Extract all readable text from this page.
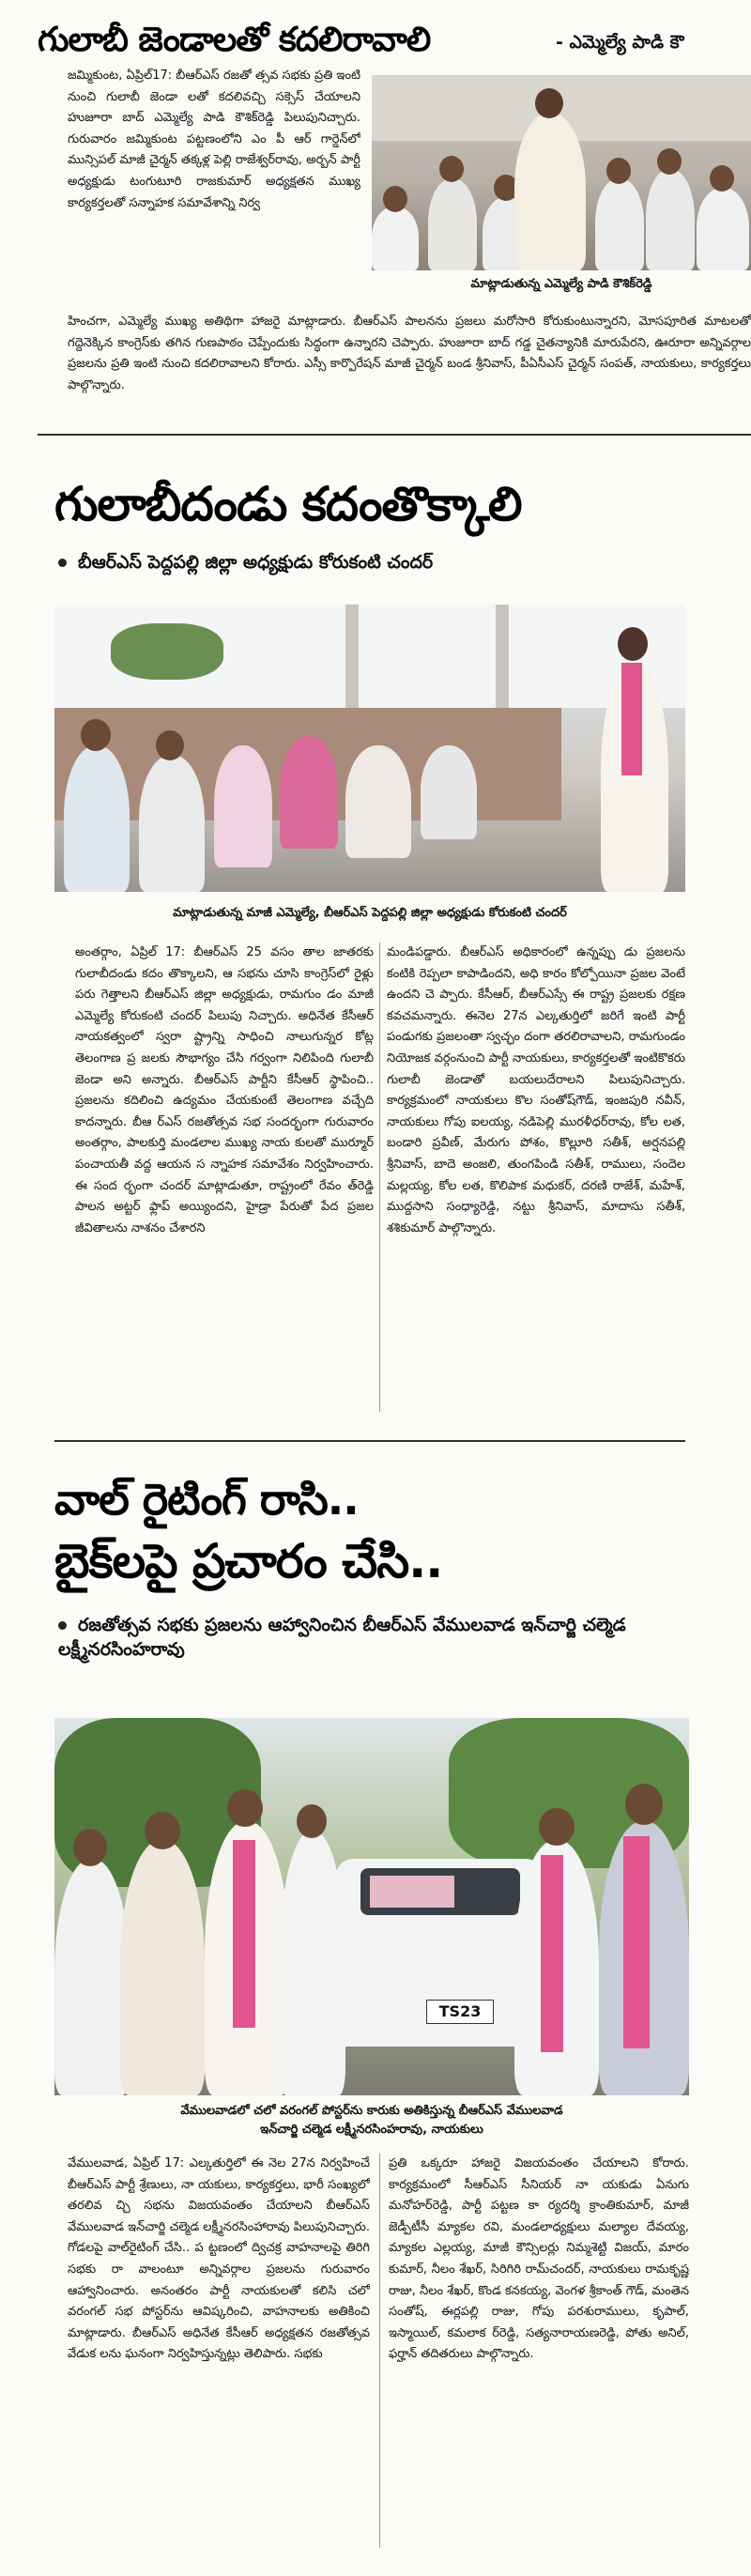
గులాబీ జెండాలతో కదలిరావాలి	- ఎమ్మెల్యే పాడి కౌ
జమ్మికుంట, ఏప్రిల్17: బీఆర్‌ఎస్ రజతో త్సవ సభకు ప్రతి ఇంటి నుంచి గులాబీ జెండా లతో కదలివచ్చి సక్సెస్ చేయాలని హుజూరా బాద్ ఎమ్మెల్యే పాడి కౌశిక్‌రెడ్డి పిలుపునిచ్చారు. గురువారం జమ్మికుంట పట్టణంలోని ఎం పీ ఆర్ గార్డెన్‌లో మున్సిపల్ మాజీ చైర్మన్ తక్కళ్ల పెల్లి రాజేశ్వర్‌రావు, అర్బన్ పార్టీ అధ్యక్షుడు టంగుటూరి రాజకుమార్ అధ్యక్షతన ముఖ్య కార్యకర్తలతో సన్నాహక సమావేశాన్ని నిర్వ
మాట్లాడుతున్న ఎమ్మెల్యే పాడి కౌశిక్‌రెడ్డి
హించగా, ఎమ్మెల్యే ముఖ్య అతిథిగా హాజరై మాట్లాడారు. బీఆర్‌ఎస్ పాలనను ప్రజలు మరోసారి కోరుకుంటున్నారని, మోసపూరిత మాటలతో గద్దెనెక్కిన కాంగ్రెస్‌కు తగిన గుణపాఠం చెప్పేందుకు సిద్ధంగా ఉన్నారని చెప్పారు. హుజూరా బాద్ గడ్డ చైతన్యానికి మారుపేరని, ఊరూరా అన్నివర్గాల ప్రజలను ప్రతి ఇంటి నుంచి కదలిరావాలని కోరారు. ఎస్సీ కార్పొరేషన్ మాజీ చైర్మన్ బండ శ్రీనివాస్, పీఏసీఎస్ చైర్మన్ సంపత్, నాయకులు, కార్యకర్తలు పాల్గొన్నారు.
గులాబీదండు కదంతొక్కాలి
బీఆర్‌ఎస్ పెద్దపల్లి జిల్లా అధ్యక్షుడు కోరుకంటి చందర్
మాట్లాడుతున్న మాజీ ఎమ్మెల్యే, బీఆర్‌ఎస్ పెద్దపల్లి జిల్లా అధ్యక్షుడు కోరుకంటి చందర్
అంతర్గాం, ఏప్రిల్ 17: బీఆర్‌ఎస్ 25 వసం తాల జాతరకు గులాబీదండు కదం తొక్కాలని, ఆ సభను చూసి కాంగ్రెస్‌లో రైళ్లు పరు గెత్తాలని బీఆర్‌ఎస్ జిల్లా అధ్యక్షుడు, రామగుం డం మాజీ ఎమ్మెల్యే కోరుకంటి చందర్ పిలుపు నిచ్చారు. అధినేత కేసీఆర్ నాయకత్వంలో స్వరా ష్ట్రాన్ని సాధించి నాలుగున్నర కోట్ల తెలంగాణ ప్ర జలకు సౌభాగ్యం చేసి గర్వంగా నిలిపింది గులాబీ జెండా అని అన్నారు. బీఆర్‌ఎస్ పార్టీని కేసీఆర్ స్థాపించి.. ప్రజలను కదిలించి ఉద్యమం చేయకుంటే తెలంగాణ వచ్చేది కాదన్నారు. బీఆ ర్‌ఎస్ రజతోత్సవ సభ సందర్భంగా గురువారం అంతర్గాం, పాలకుర్తి మండలాల ముఖ్య నాయ కులతో ముర్మూర్ పంచాయతీ వద్ద ఆయన స న్నాహక సమావేశం నిర్వహించారు. ఈ సంద ర్భంగా చందర్ మాట్లాడుతూ, రాష్ట్రంలో రేవం త్‌రెడ్డి పాలన అట్టర్ ఫ్లాప్ అయ్యిందని, హైడ్రా పేరుతో పేద ప్రజల జీవితాలను నాశనం చేశారని
మండిపడ్డారు. బీఆర్‌ఎస్ అధికారంలో ఉన్నప్పు డు ప్రజలను కంటికి రెప్పలా కాపాడిందని, అధి కారం కోల్పోయినా ప్రజల వెంటే ఉందని చె ప్పారు. కేసీఆర్, బీఆర్‌ఎస్సే ఈ రాష్ట్ర ప్రజలకు రక్షణ కవచమన్నారు. ఈనెల 27న ఎల్కతుర్తిలో జరిగే ఇంటి పార్టీ పండుగకు ప్రజలంతా స్వచ్ఛం దంగా తరలిరావాలని, రామగుండం నియోజక వర్గంనుంచి పార్టీ నాయకులు, కార్యకర్తలతో ఇంటికొకరు గులాబీ జెండాతో బయలుదేరాలని పిలుపునిచ్చారు. కార్యక్రమంలో నాయకులు కొల సంతోష్‌గౌడ్, ఇంజపురి నవీన్, నాయకులు గోపు ఐలయ్య, నడిపెల్లి మురళీధర్‌రావు, కోల లత, బండారి ప్రవీణ్, మేరుగు పోశం, కొల్లూరి సతీశ్, అర్షనపల్లి శ్రీనివాస్, బాదె అంజలి, తుంగపిండి సతీశ్, రాములు, సందెల మల్లయ్య, కోల లత, కొలిపాక మధుకర్, దరణి రాజేశ్, మహేశ్, ముద్దసాని సంధ్యారెడ్డి, నట్టు శ్రీనివాస్, మాదాసు సతీశ్, శశికుమార్ పాల్గొన్నారు.
వాల్ రైటింగ్ రాసి..
బైక్‌లపై ప్రచారం చేసి..
రజతోత్సవ సభకు ప్రజలను ఆహ్వానించిన బీఆర్‌ఎస్ వేములవాడ ఇన్‌చార్జి చల్మెడ లక్ష్మీనరసింహరావు
TS23
వేములవాడలో చలో వరంగల్ పోస్టర్‌ను కారుకు అతికిస్తున్న బీఆర్‌ఎస్ వేములవాడ
ఇన్‌చార్జి చల్మెడ లక్ష్మీనరసింహరావు, నాయకులు
వేములవాడ, ఏప్రిల్ 17: ఎల్కతుర్తిలో ఈ నెల 27న నిర్వహించే బీఆర్‌ఎస్ పార్టీ శ్రేణులు, నా యకులు, కార్యకర్తలు, భారీ సంఖ్యలో తరలివ చ్చి సభను విజయవంతం చేయాలని బీఆర్‌ఎస్ వేములవాడ ఇన్‌చార్జి చల్మెడ లక్ష్మీనరసింహారావు పిలుపునిచ్చారు. గోడలపై వాల్‌రైటింగ్ చేసి.. ప ట్టణంలో ద్విచక్ర వాహనాలపై తిరిగి సభకు రా వాలంటూ అన్నివర్గాల ప్రజలను గురువారం ఆహ్వానించారు. అనంతరం పార్టీ నాయకులతో కలిసి చలో వరంగల్ సభ పోస్టర్‌ను ఆవిష్కరించి, వాహనాలకు అతికించి మాట్లాడారు. బీఆర్‌ఎస్ అధినేత కేసీఆర్ అధ్యక్షతన రజతోత్సవ వేడుక లను ఘనంగా నిర్వహిస్తున్నట్లు తెలిపారు. సభకు
ప్రతి ఒక్కరూ హాజరై విజయవంతం చేయాలని కోరారు. కార్యక్రమంలో సీఆర్‌ఎస్ సీనియర్ నా యకుడు ఏనుగు మనోహర్‌రెడ్డి, పార్టీ పట్టణ కా ర్యదర్శి క్రాంతికుమార్, మాజీ జెడ్పీటీసీ మ్యాకల రవి, మండలాధ్యక్షులు మల్యాల దేవయ్య, మ్యాకల ఎల్లయ్య, మాజీ కౌన్సిలర్లు నిమ్మశెట్టి విజయ్, మారం కుమార్, నీలం శేఖర్, సిరిగిరి రామ్‌చందర్, నాయకులు రామకృష్ణ రాజు, నీలం శేఖర్, కొండ కనకయ్య, వెంగళ శ్రీకాంత్ గౌడ్, మంతెన సంతోష్, ఈర్లపల్లి రాజు, గోపు పరశురాములు, కృపాల్, ఇస్మాయిల్, కమలాక ర్‌రెడ్డి, సత్యనారాయణరెడ్డి, పోతు అనిల్, ఫర్హాన్ తదితరులు పాల్గొన్నారు.
